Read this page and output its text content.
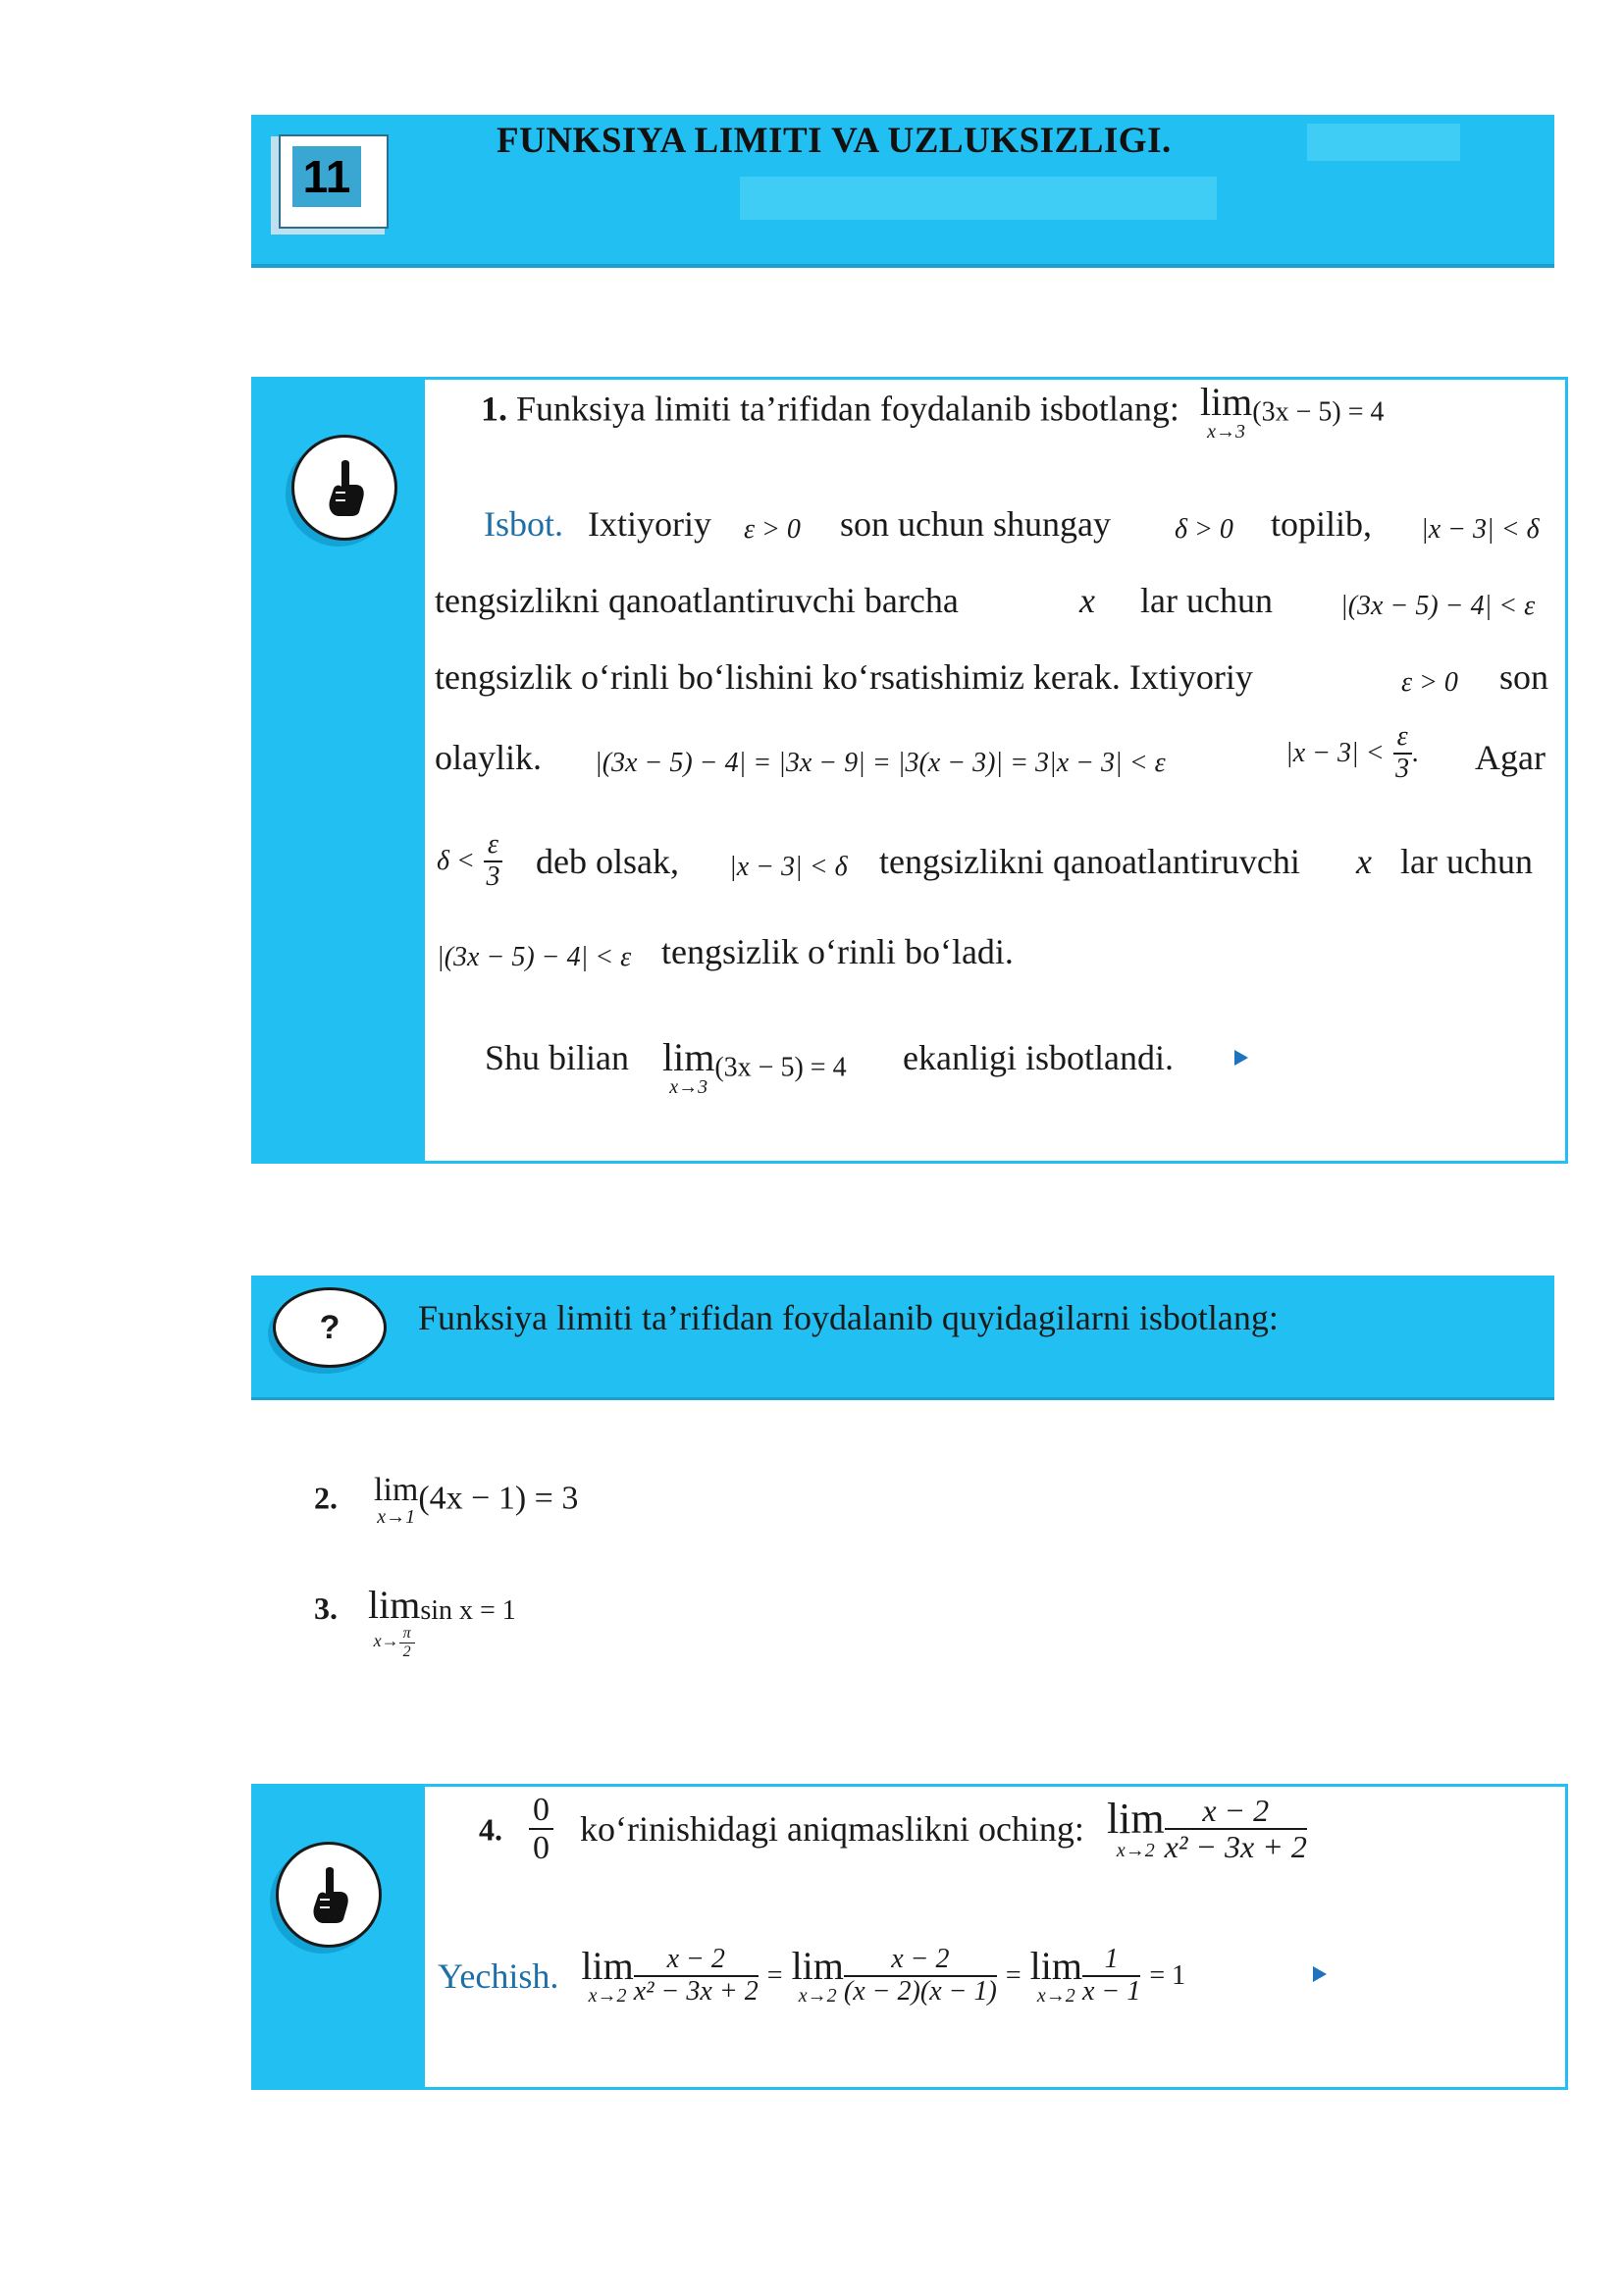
11
FUNKSIYA LIMITI VA UZLUKSIZLIGI.
1. Funksiya limiti ta’rifidan foydalanib isbotlang: lim
x→3
(3x − 5) = 4
Isbot. Ixtiyoriy ε > 0 son uchun shungay δ > 0 topilib, |x − 3| < δ
tengsizlikni qanoatlantiruvchi barcha	x lar uchun |(3x − 5) − 4| < ε
tengsizlik o‘rinli bo‘lishini ko‘rsatishimiz kerak. Ixtiyoriy	ε > 0 son
olaylik. |(3x − 5) − 4| = |3x − 9| = |3(x − 3)| = 3|x − 3| < ε	$|x - 3| < \frac{\varepsilon}{3}$ . Agar
$\delta < \frac{\varepsilon}{3}$ deb olsak, |x − 3| < δ tengsizlikni qanoatlantiruvchi x lar uchun
|(3x − 5) − 4| < ε tengsizlik o‘rinli bo‘ladi.
Shu bilian lim
x→3
(3x − 5) = 4 ekanligi isbotlandi.
?	Funksiya limiti ta’rifidan foydalanib quyidagilarni isbotlang:
2. lim
x→1
(4x − 1) = 3
3. lim
$x\to \frac{\pi}{2}$
$^{sin x = 1}$
4. $\frac{0}{0}$ ko‘rinishidagi aniqmaslikni oching: lim
$x\to 2 \frac{x - 2}{\text{x² − 3x + 2}}$
Yechish. lim
$x\to 2 \frac{x - 2}{\text{x² − 3x + 2}} = \lim$
$x\to 2 \frac{x - 2}{(x - 2)(x - 1)} = \lim$
$x\to 2 \frac{1}{x - 1} = 1$
